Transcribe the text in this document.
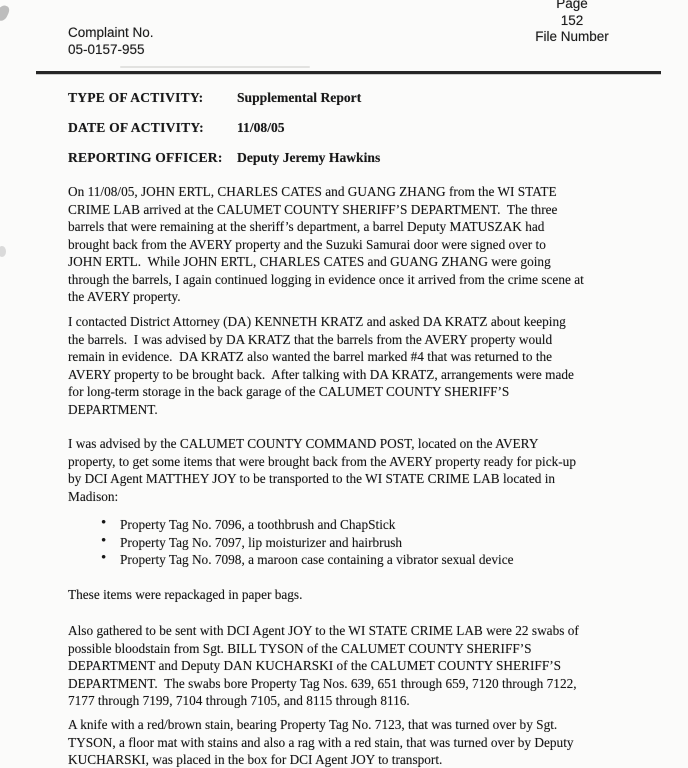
Page
152
File Number
Complaint No.
05-0157-955
TYPE OF ACTIVITY:	Supplemental Report
DATE OF ACTIVITY:	11/08/05
REPORTING OFFICER:	Deputy Jeremy Hawkins
On 11/08/05, JOHN ERTL, CHARLES CATES and GUANG ZHANG from the WI STATE
CRIME LAB arrived at the CALUMET COUNTY SHERIFF’S DEPARTMENT.  The three
barrels that were remaining at the sheriff’s department, a barrel Deputy MATUSZAK had
brought back from the AVERY property and the Suzuki Samurai door were signed over to
JOHN ERTL.  While JOHN ERTL, CHARLES CATES and GUANG ZHANG were going
through the barrels, I again continued logging in evidence once it arrived from the crime scene at
the AVERY property.
I contacted District Attorney (DA) KENNETH KRATZ and asked DA KRATZ about keeping
the barrels.  I was advised by DA KRATZ that the barrels from the AVERY property would
remain in evidence.  DA KRATZ also wanted the barrel marked #4 that was returned to the
AVERY property to be brought back.  After talking with DA KRATZ, arrangements were made
for long-term storage in the back garage of the CALUMET COUNTY SHERIFF’S
DEPARTMENT.
I was advised by the CALUMET COUNTY COMMAND POST, located on the AVERY
property, to get some items that were brought back from the AVERY property ready for pick-up
by DCI Agent MATTHEY JOY to be transported to the WI STATE CRIME LAB located in
Madison:
• Property Tag No. 7096, a toothbrush and ChapStick
• Property Tag No. 7097, lip moisturizer and hairbrush
• Property Tag No. 7098, a maroon case containing a vibrator sexual device
These items were repackaged in paper bags.
Also gathered to be sent with DCI Agent JOY to the WI STATE CRIME LAB were 22 swabs of
possible bloodstain from Sgt. BILL TYSON of the CALUMET COUNTY SHERIFF’S
DEPARTMENT and Deputy DAN KUCHARSKI of the CALUMET COUNTY SHERIFF’S
DEPARTMENT.  The swabs bore Property Tag Nos. 639, 651 through 659, 7120 through 7122,
7177 through 7199, 7104 through 7105, and 8115 through 8116.
A knife with a red/brown stain, bearing Property Tag No. 7123, that was turned over by Sgt.
TYSON, a floor mat with stains and also a rag with a red stain, that was turned over by Deputy
KUCHARSKI, was placed in the box for DCI Agent JOY to transport.
